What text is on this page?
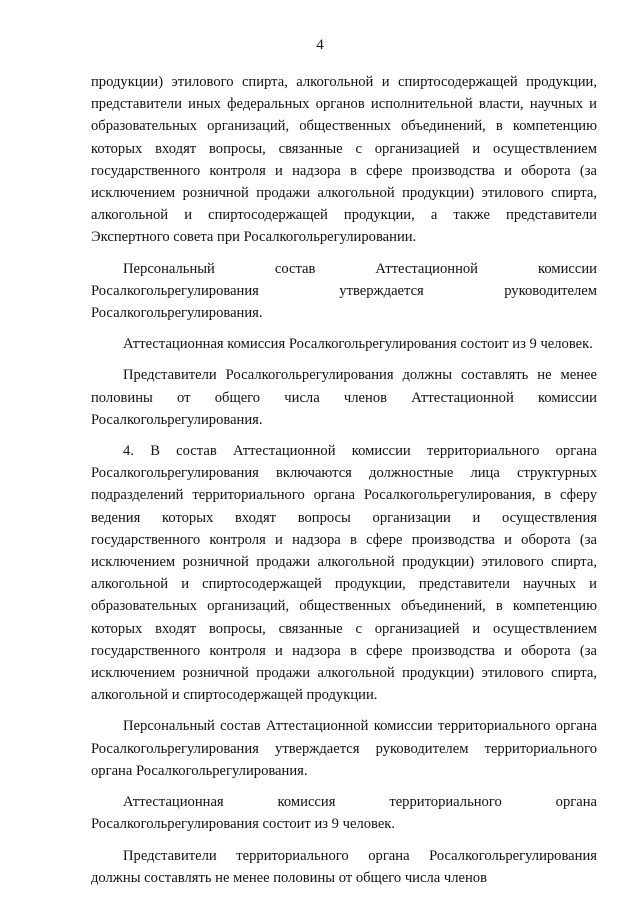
4

продукции) этилового спирта, алкогольной и спиртосодержащей продукции, представители иных федеральных органов исполнительной власти, научных и образовательных организаций, общественных объединений, в компетенцию которых входят вопросы, связанные с организацией и осуществлением государственного контроля и надзора в сфере производства и оборота (за исключением розничной продажи алкогольной продукции) этилового спирта, алкогольной и спиртосодержащей продукции, а также представители Экспертного совета при Росалкогольрегулировании.

Персональный состав Аттестационной комиссии Росалкогольрегулирования утверждается руководителем Росалкогольрегулирования.

Аттестационная комиссия Росалкогольрегулирования состоит из 9 человек.

Представители Росалкогольрегулирования должны составлять не менее половины от общего числа членов Аттестационной комиссии Росалкогольрегулирования.

4. В состав Аттестационной комиссии территориального органа Росалкогольрегулирования включаются должностные лица структурных подразделений территориального органа Росалкогольрегулирования, в сферу ведения которых входят вопросы организации и осуществления государственного контроля и надзора в сфере производства и оборота (за исключением розничной продажи алкогольной продукции) этилового спирта, алкогольной и спиртосодержащей продукции, представители научных и образовательных организаций, общественных объединений, в компетенцию которых входят вопросы, связанные с организацией и осуществлением государственного контроля и надзора в сфере производства и оборота (за исключением розничной продажи алкогольной продукции) этилового спирта, алкогольной и спиртосодержащей продукции.

Персональный состав Аттестационной комиссии территориального органа Росалкогольрегулирования утверждается руководителем территориального органа Росалкогольрегулирования.

Аттестационная комиссия территориального органа Росалкогольрегулирования состоит из 9 человек.

Представители территориального органа Росалкогольрегулирования должны составлять не менее половины от общего числа членов
